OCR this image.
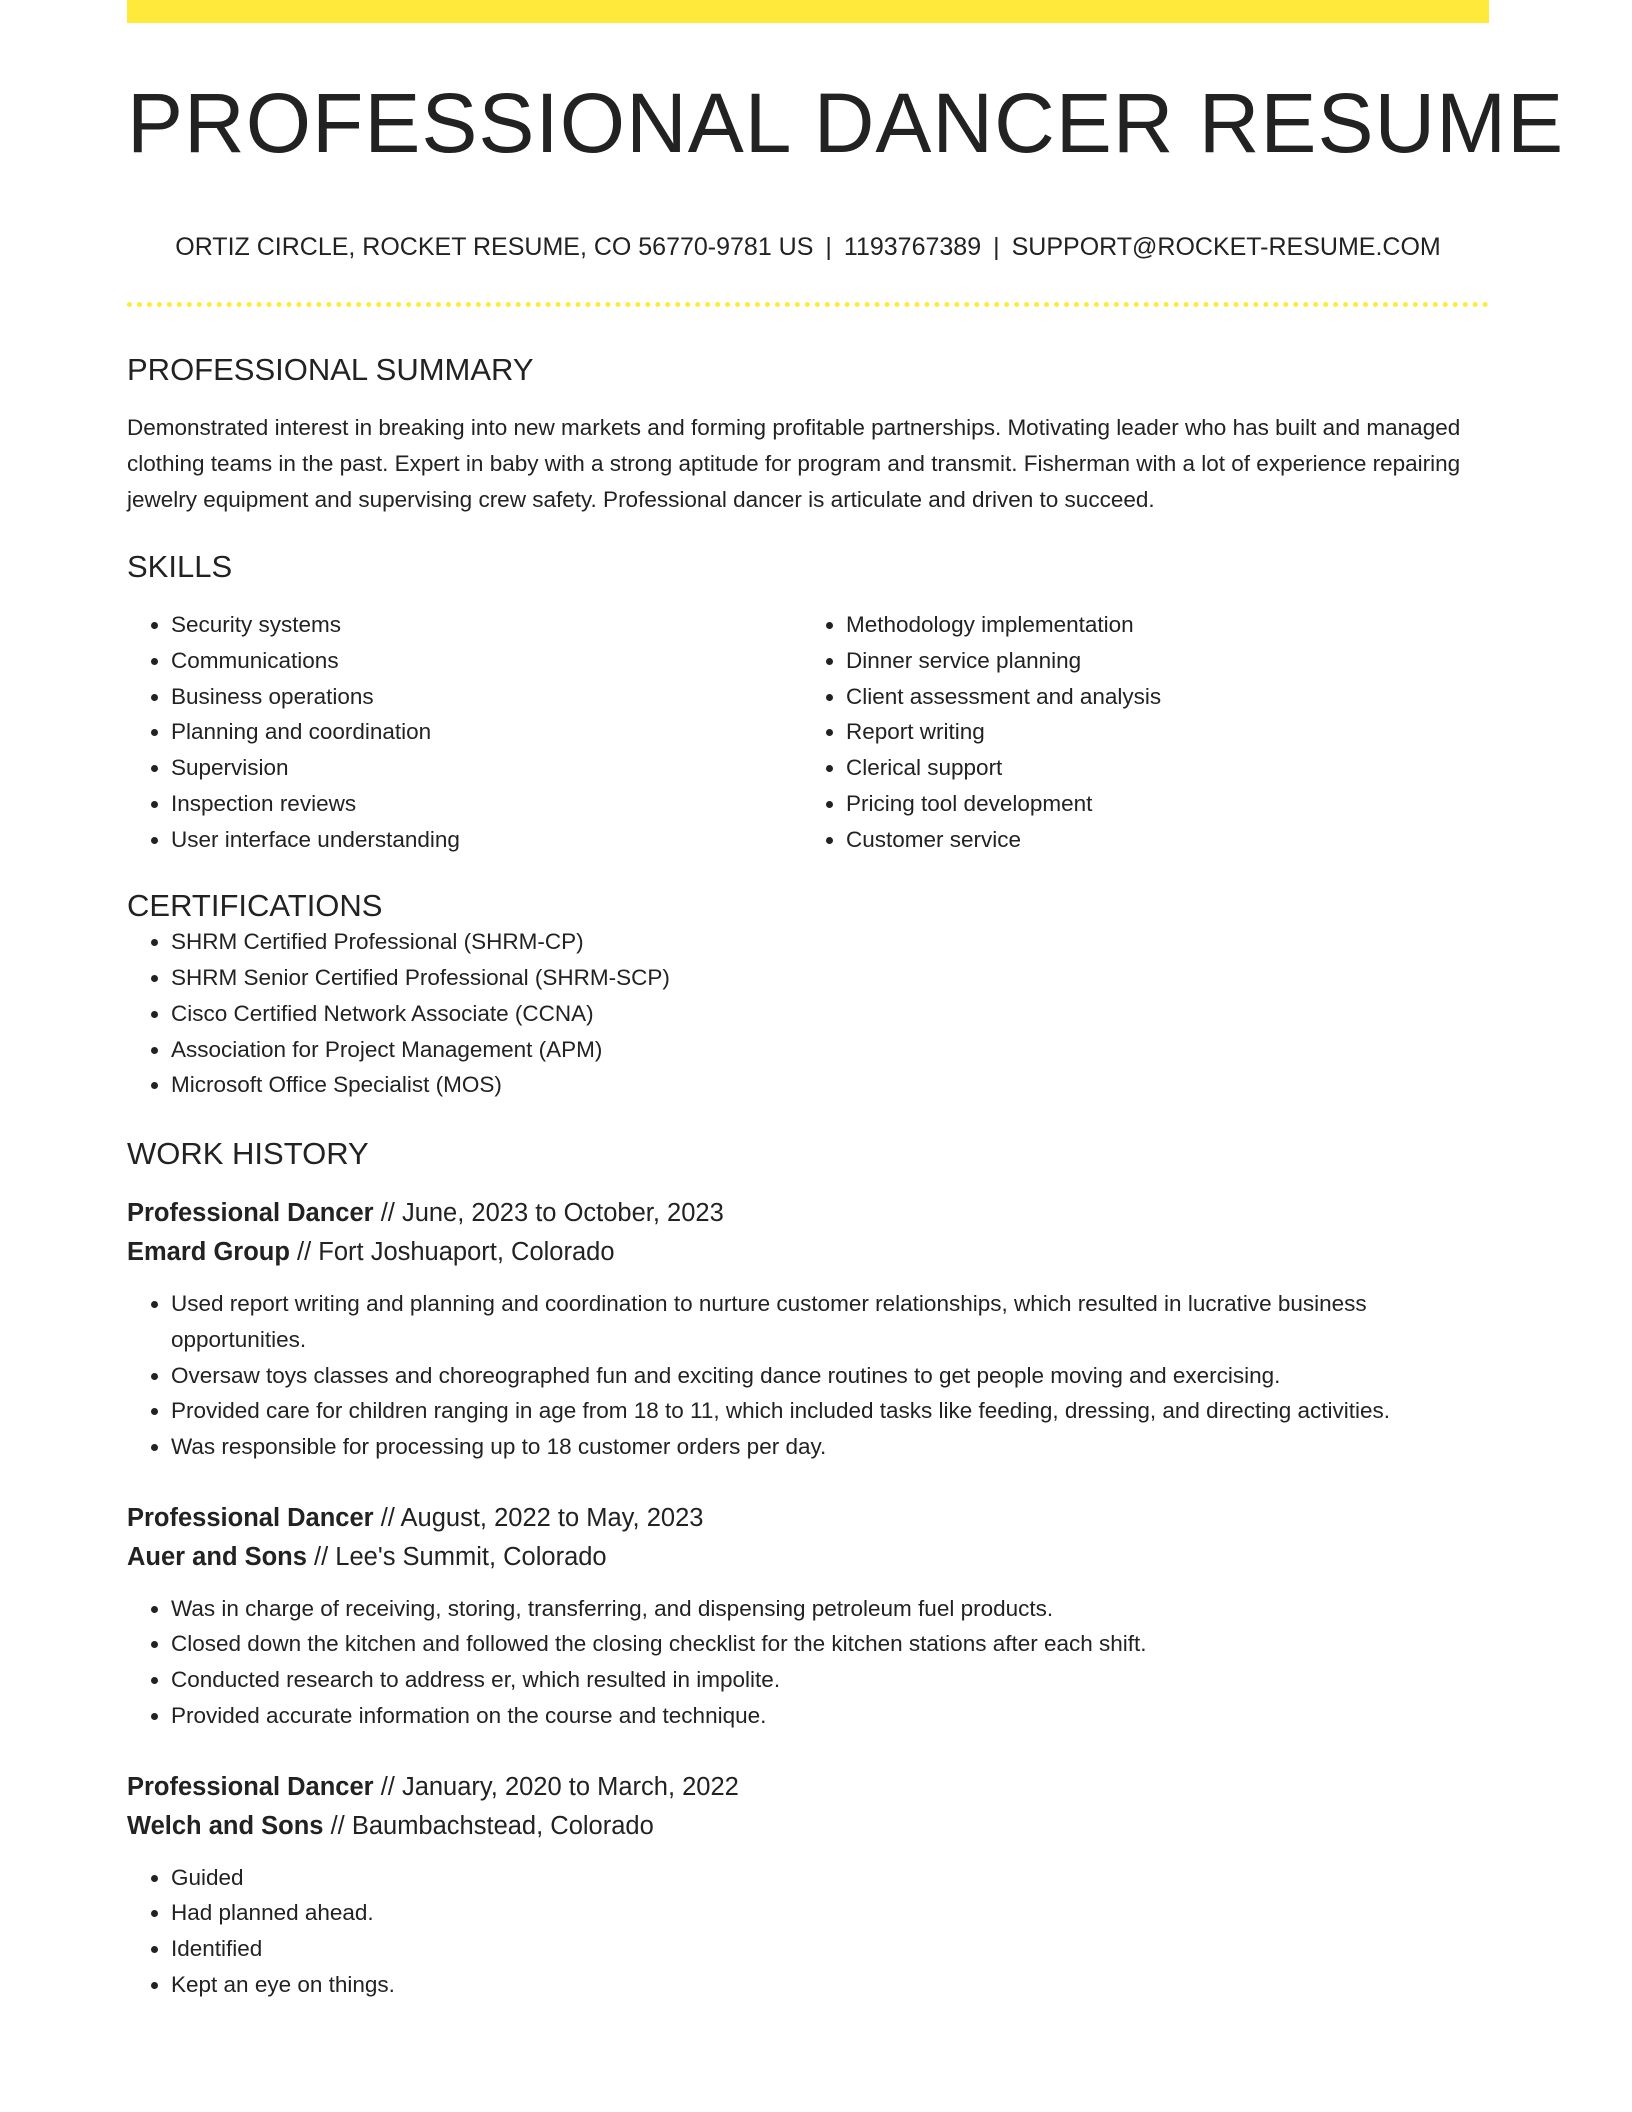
PROFESSIONAL DANCER RESUME
ORTIZ CIRCLE, ROCKET RESUME, CO 56770-9781 US | 1193767389 | SUPPORT@ROCKET-RESUME.COM
PROFESSIONAL SUMMARY

Demonstrated interest in breaking into new markets and forming profitable partnerships. Motivating leader who has built and managed clothing teams in the past. Expert in baby with a strong aptitude for program and transmit. Fisherman with a lot of experience repairing jewelry equipment and supervising crew safety. Professional dancer is articulate and driven to succeed.

SKILLS
• Security systems
• Communications
• Business operations
• Planning and coordination
• Supervision
• Inspection reviews
• User interface understanding
• Methodology implementation
• Dinner service planning
• Client assessment and analysis
• Report writing
• Clerical support
• Pricing tool development
• Customer service
CERTIFICATIONS
• SHRM Certified Professional (SHRM-CP)
• SHRM Senior Certified Professional (SHRM-SCP)
• Cisco Certified Network Associate (CCNA)
• Association for Project Management (APM)
• Microsoft Office Specialist (MOS)
WORK HISTORY
Professional Dancer // June, 2023 to October, 2023
Emard Group // Fort Joshuaport, Colorado
• Used report writing and planning and coordination to nurture customer relationships, which resulted in lucrative business opportunities.
• Oversaw toys classes and choreographed fun and exciting dance routines to get people moving and exercising.
• Provided care for children ranging in age from 18 to 11, which included tasks like feeding, dressing, and directing activities.
• Was responsible for processing up to 18 customer orders per day.
Professional Dancer // August, 2022 to May, 2023
Auer and Sons // Lee's Summit, Colorado
• Was in charge of receiving, storing, transferring, and dispensing petroleum fuel products.
• Closed down the kitchen and followed the closing checklist for the kitchen stations after each shift.
• Conducted research to address er, which resulted in impolite.
• Provided accurate information on the course and technique.
Professional Dancer // January, 2020 to March, 2022
Welch and Sons // Baumbachstead, Colorado
• Guided
• Had planned ahead.
• Identified
• Kept an eye on things.
